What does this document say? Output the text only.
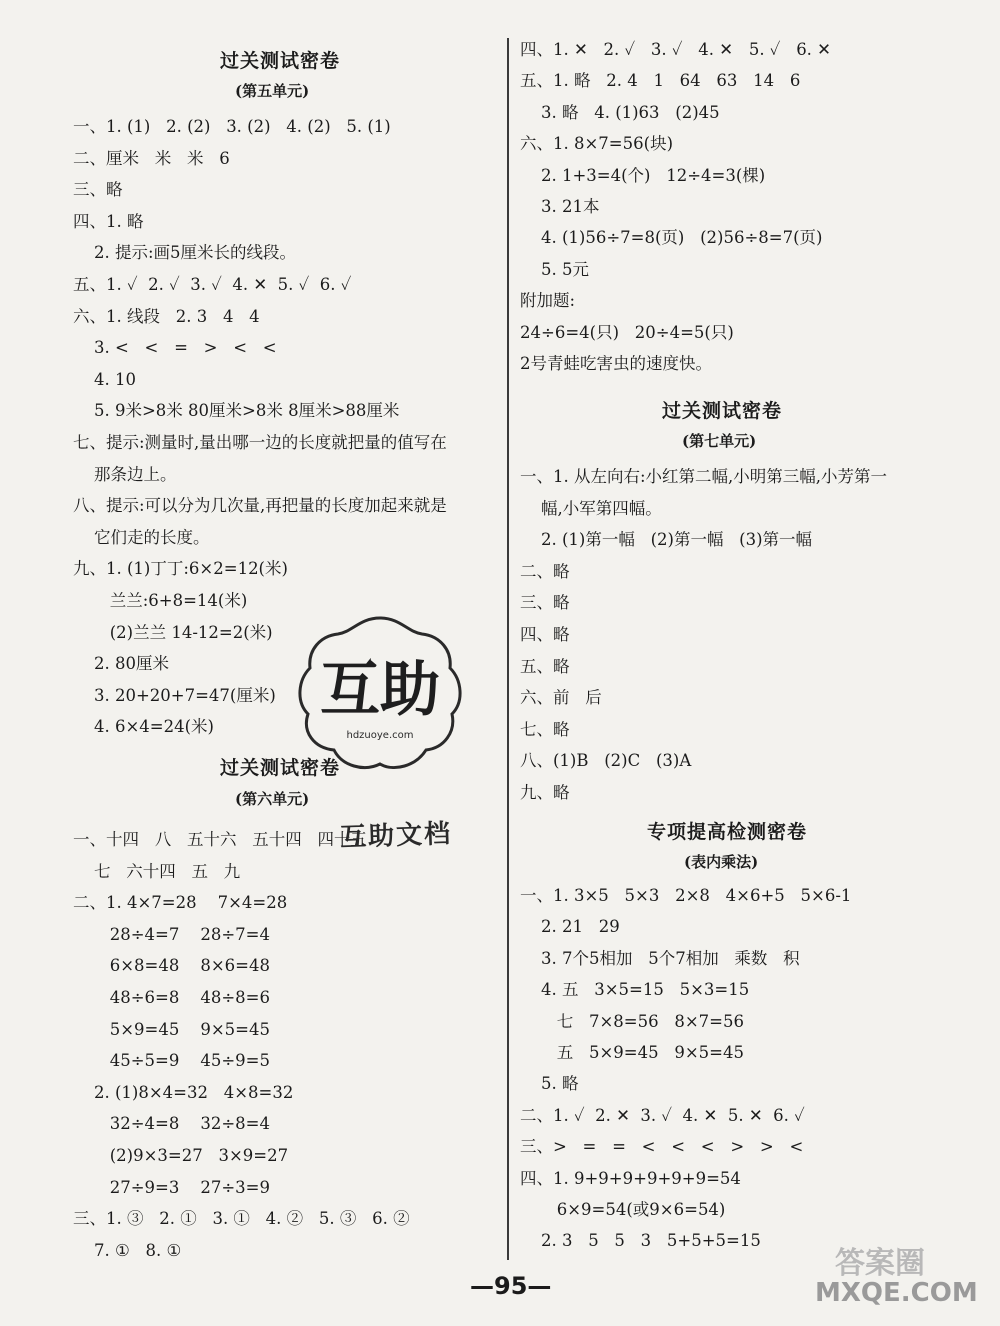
过关测试密卷
(第五单元)
过关测试密卷
(第六单元)
一、1. (1)   2. (2)   3. (2)   4. (2)   5. (1)
二、厘米   米   米   6
三、略
四、1. 略
2. 提示:画5厘米长的线段。
五、1. ✓  2. ✓  3. ✓  4. ✕  5. ✓  6. ✓
六、1. 线段   2. 3   4   4
3. <   <   =   >   <   <
4. 10
5. 9米>8米 80厘米>8米 8厘米>88厘米
七、提示:测量时,量出哪一边的长度就把量的值写在
那条边上。
八、提示:可以分为几次量,再把量的长度加起来就是
它们走的长度。
九、1. (1)丁丁:6×2=12(米)
兰兰:6+8=14(米)
(2)兰兰 14-12=2(米)
2. 80厘米
3. 20+20+7=47(厘米)
4. 6×4=24(米)
一、十四   八   五十六   五十四   四十五
七   六十四   五   九
二、1. 4×7=28    7×4=28
28÷4=7    28÷7=4
6×8=48    8×6=48
48÷6=8    48÷8=6
5×9=45    9×5=45
45÷5=9    45÷9=5
2. (1)8×4=32   4×8=32
32÷4=8    32÷8=4
(2)9×3=27   3×9=27
27÷9=3    27÷3=9
三、1. ③   2. ①   3. ①   4. ②   5. ③   6. ②
7. ①   8. ①
过关测试密卷
(第七单元)
专项提高检测密卷
(表内乘法)
四、1. ✕   2. ✓   3. ✓   4. ✕   5. ✓   6. ✕
五、1. 略   2. 4   1   64   63   14   6
3. 略   4. (1)63   (2)45
六、1. 8×7=56(块)
2. 1+3=4(个)   12÷4=3(棵)
3. 21本
4. (1)56÷7=8(页)   (2)56÷8=7(页)
5. 5元
附加题:
24÷6=4(只)   20÷4=5(只)
2号青蛙吃害虫的速度快。
一、1. 从左向右:小红第二幅,小明第三幅,小芳第一
幅,小军第四幅。
2. (1)第一幅   (2)第一幅   (3)第一幅
二、略
三、略
四、略
五、略
六、前   后
七、略
八、(1)B   (2)C   (3)A
九、略
一、1. 3×5   5×3   2×8   4×6+5   5×6-1
2. 21   29
3. 7个5相加   5个7相加   乘数   积
4. 五   3×5=15   5×3=15
七   7×8=56   8×7=56
五   5×9=45   9×5=45
5. 略
二、1. ✓  2. ✕  3. ✓  4. ✕  5. ✕  6. ✓
三、>   =   =   <   <   <   >   >   <
四、1. 9+9+9+9+9+9=54
6×9=54(或9×6=54)
2. 3   5   5   3   5+5+5=15
互助
hdzuoye.com
互助文档
答案圈
MXQE.COM
—95—
